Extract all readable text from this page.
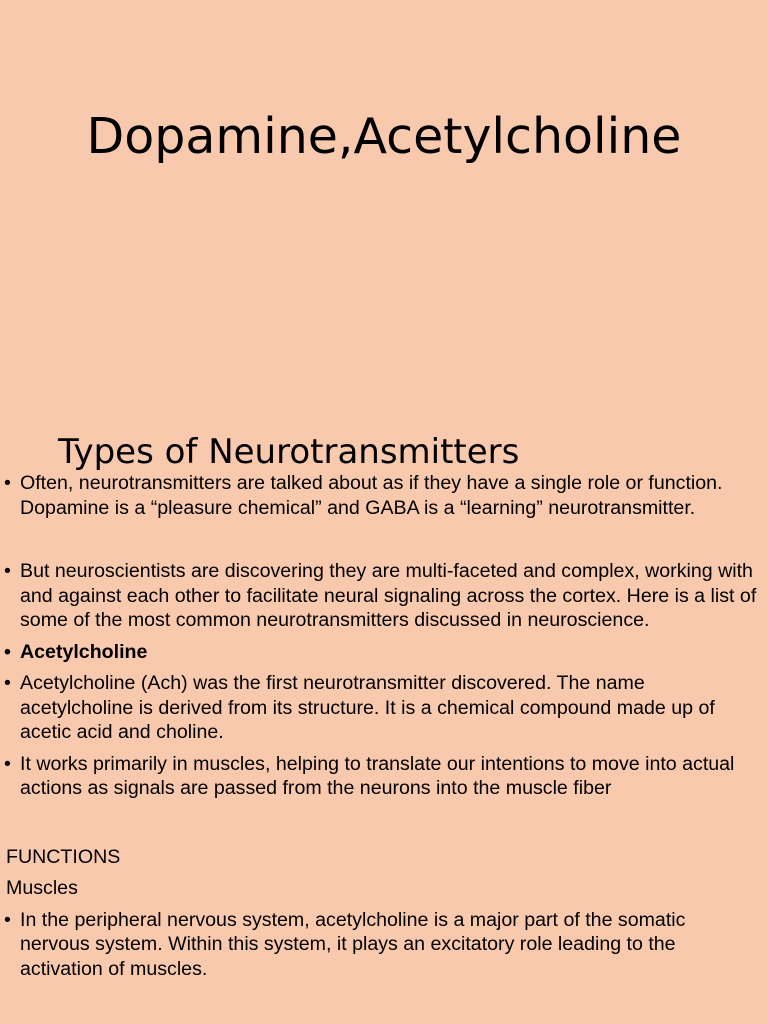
Dopamine,Acetylcholine
Types of Neurotransmitters
• Often, neurotransmitters are talked about as if they have a single role or function. Dopamine is a “pleasure chemical” and GABA is a “learning” neurotransmitter.
• But neuroscientists are discovering they are multi-faceted and complex, working with and against each other to facilitate neural signaling across the cortex. Here is a list of some of the most common neurotransmitters discussed in neuroscience.
• Acetylcholine
• Acetylcholine (Ach) was the first neurotransmitter discovered. The name acetylcholine is derived from its structure. It is a chemical compound made up of acetic acid and choline.
• It works primarily in muscles, helping to translate our intentions to move into actual actions as signals are passed from the neurons into the muscle fiber
FUNCTIONS
Muscles
• In the peripheral nervous system, acetylcholine is a major part of the somatic nervous system. Within this system, it plays an excitatory role leading to the activation of muscles.
